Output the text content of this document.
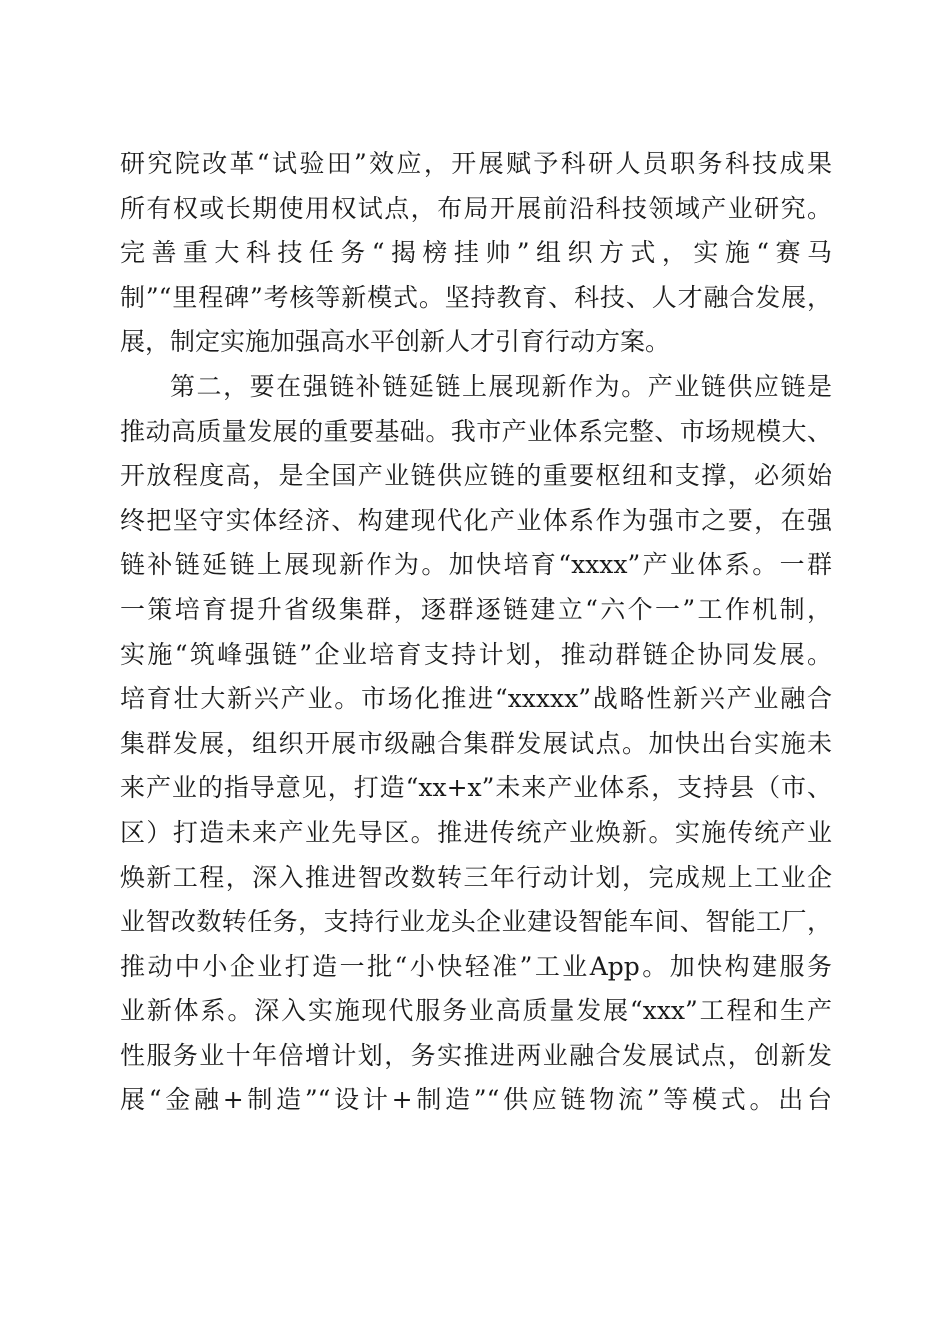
研究院改革“试验田”效应，开展赋予科研人员职务科技成果
所有权或长期使用权试点，布局开展前沿科技领域产业研究。
完善重大科技任务“揭榜挂帅”组织方式，实施“赛马
制”“里程碑”考核等新模式。坚持教育、科技、人才融合发展，
展，制定实施加强高水平创新人才引育行动方案。
第二，要在强链补链延链上展现新作为。产业链供应链是
推动高质量发展的重要基础。我市产业体系完整、市场规模大、
开放程度高，是全国产业链供应链的重要枢纽和支撑，必须始
终把坚守实体经济、构建现代化产业体系作为强市之要，在强
链补链延链上展现新作为。加快培育“xxxx”产业体系。一群
一策培育提升省级集群，逐群逐链建立“六个一”工作机制，
实施“筑峰强链”企业培育支持计划，推动群链企协同发展。
培育壮大新兴产业。市场化推进“xxxxx”战略性新兴产业融合
集群发展，组织开展市级融合集群发展试点。加快出台实施未
来产业的指导意见，打造“xx+x”未来产业体系，支持县（市、
区）打造未来产业先导区。推进传统产业焕新。实施传统产业
焕新工程，深入推进智改数转三年行动计划，完成规上工业企
业智改数转任务，支持行业龙头企业建设智能车间、智能工厂，
推动中小企业打造一批“小快轻准”工业App。加快构建服务
业新体系。深入实施现代服务业高质量发展“xxx”工程和生产
性服务业十年倍增计划，务实推进两业融合发展试点，创新发
展“金融+制造”“设计+制造”“供应链物流”等模式。出台
